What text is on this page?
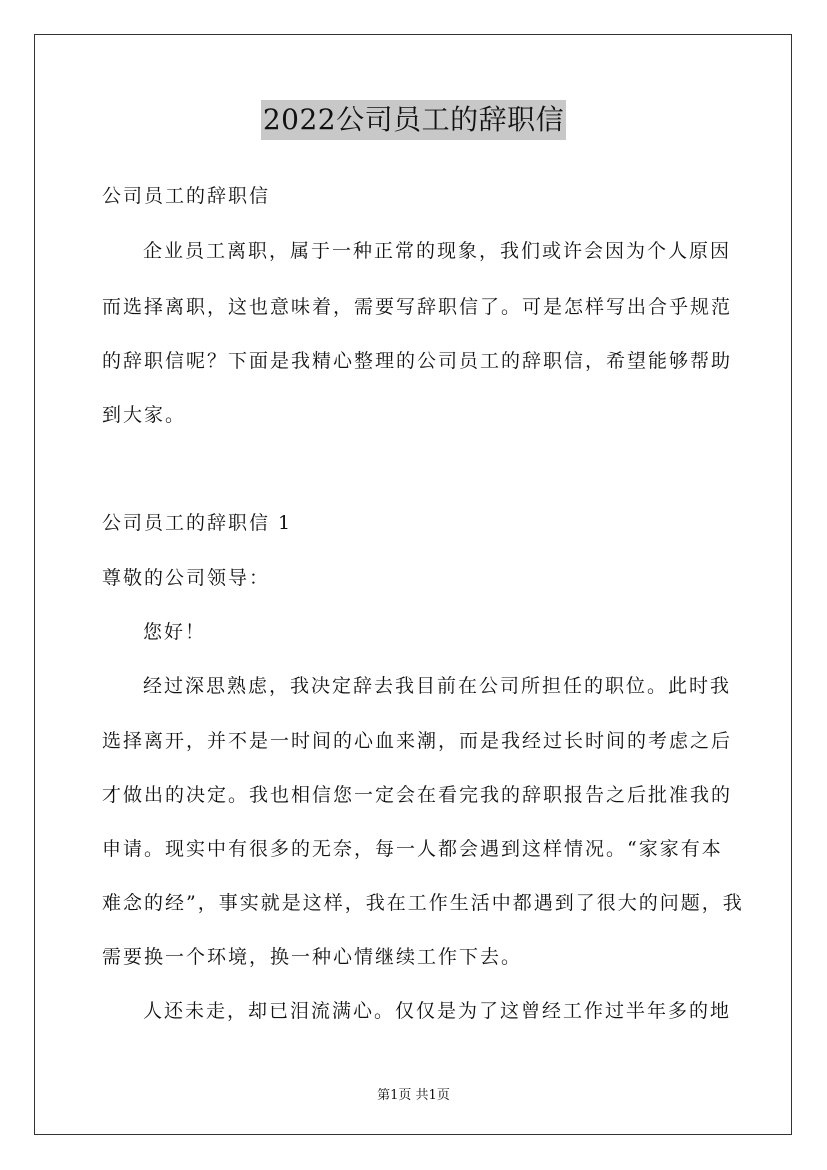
2022公司员工的辞职信
公司员工的辞职信
企业员工离职，属于一种正常的现象，我们或许会因为个人原因
而选择离职，这也意味着，需要写辞职信了。可是怎样写出合乎规范
的辞职信呢？下面是我精心整理的公司员工的辞职信，希望能够帮助
到大家。
公司员工的辞职信 1
尊敬的公司领导：
您好！
经过深思熟虑，我决定辞去我目前在公司所担任的职位。此时我
选择离开，并不是一时间的心血来潮，而是我经过长时间的考虑之后
才做出的决定。我也相信您一定会在看完我的辞职报告之后批准我的
申请。现实中有很多的无奈，每一人都会遇到这样情况。“家家有本
难念的经”，事实就是这样，我在工作生活中都遇到了很大的问题，我
需要换一个环境，换一种心情继续工作下去。
人还未走，却已泪流满心。仅仅是为了这曾经工作过半年多的地
第1页 共1页
